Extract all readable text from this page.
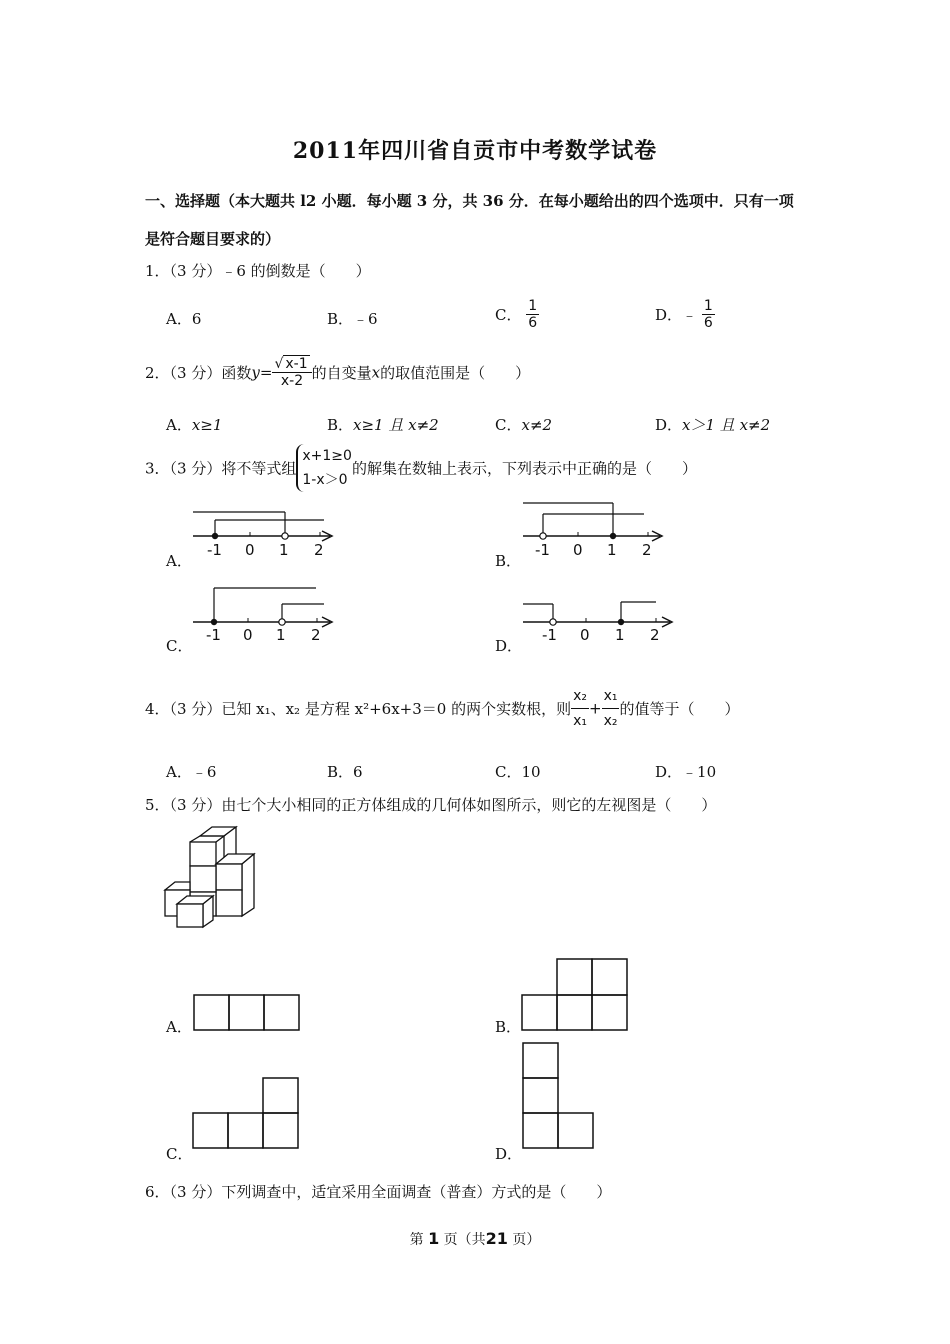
2011年四川省自贡市中考数学试卷
一、选择题（本大题共 l2 小题．每小题 3 分，共 36 分．在每小题给出的四个选项中．只有一项
是符合题目要求的）
1．（3 分）﹣6 的倒数是（　　）
A．6	B．﹣6	C． $\frac{1}{6}$	D．﹣ $\frac{1}{6}$
2．（3 分）函数$y= \frac{√ x-1}{x-2}$ 的自变量x的取值范围是（　　）
A．x≥1	B．x≥1 且 x≠2	C．x≠2	D．x＞1 且 x≠2
3．（3 分）将不等式组
x+1≥0
1-x＞0
的解集在数轴上表示，下列表示中正确的是（　　）
A．	B．
C．	D．
-1 0 1 2	-1 0 1 2
-1 0 1 2	-1 0 1 2
4．（3 分）已知 x₁、x₂ 是方程 x²+6x+3＝0 的两个实数根，则 $\frac{\text{x₂}}{\text{x₁}} + \frac{\text{x₁}}{\text{x₂}}$ 的值等于（　　）
A．﹣6	B．6	C．10	D．﹣10
5．（3 分）由七个大小相同的正方体组成的几何体如图所示，则它的左视图是（　　）
A．	B．
C．	D．
6．（3 分）下列调查中，适宜采用全面调查（普查）方式的是（　　）
第 1 页（共21 页）
